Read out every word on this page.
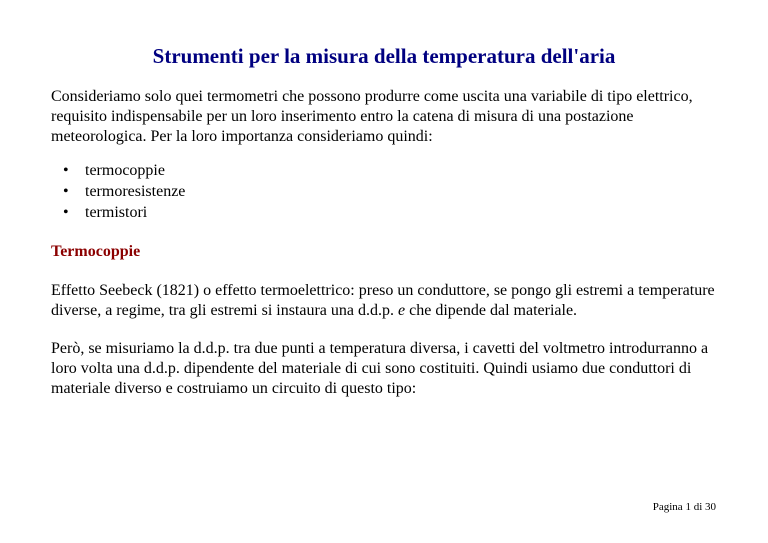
Strumenti per la misura della temperatura dell'aria

Consideriamo solo quei termometri che possono produrre come uscita una variabile di tipo elettrico, requisito indispensabile per un loro inserimento entro la catena di misura di una postazione meteorologica. Per la loro importanza consideriamo quindi:

• termocoppie
• termoresistenze
• termistori
Termocoppie

Effetto Seebeck (1821) o effetto termoelettrico: preso un conduttore, se pongo gli estremi a temperature diverse, a regime, tra gli estremi si instaura una d.d.p. e che dipende dal materiale.

Però, se misuriamo la d.d.p. tra due punti a temperatura diversa, i cavetti del voltmetro introdurranno a loro volta una d.d.p. dipendente del materiale di cui sono costituiti. Quindi usiamo due conduttori di materiale diverso e costruiamo un circuito di questo tipo:

Pagina 1 di 30
